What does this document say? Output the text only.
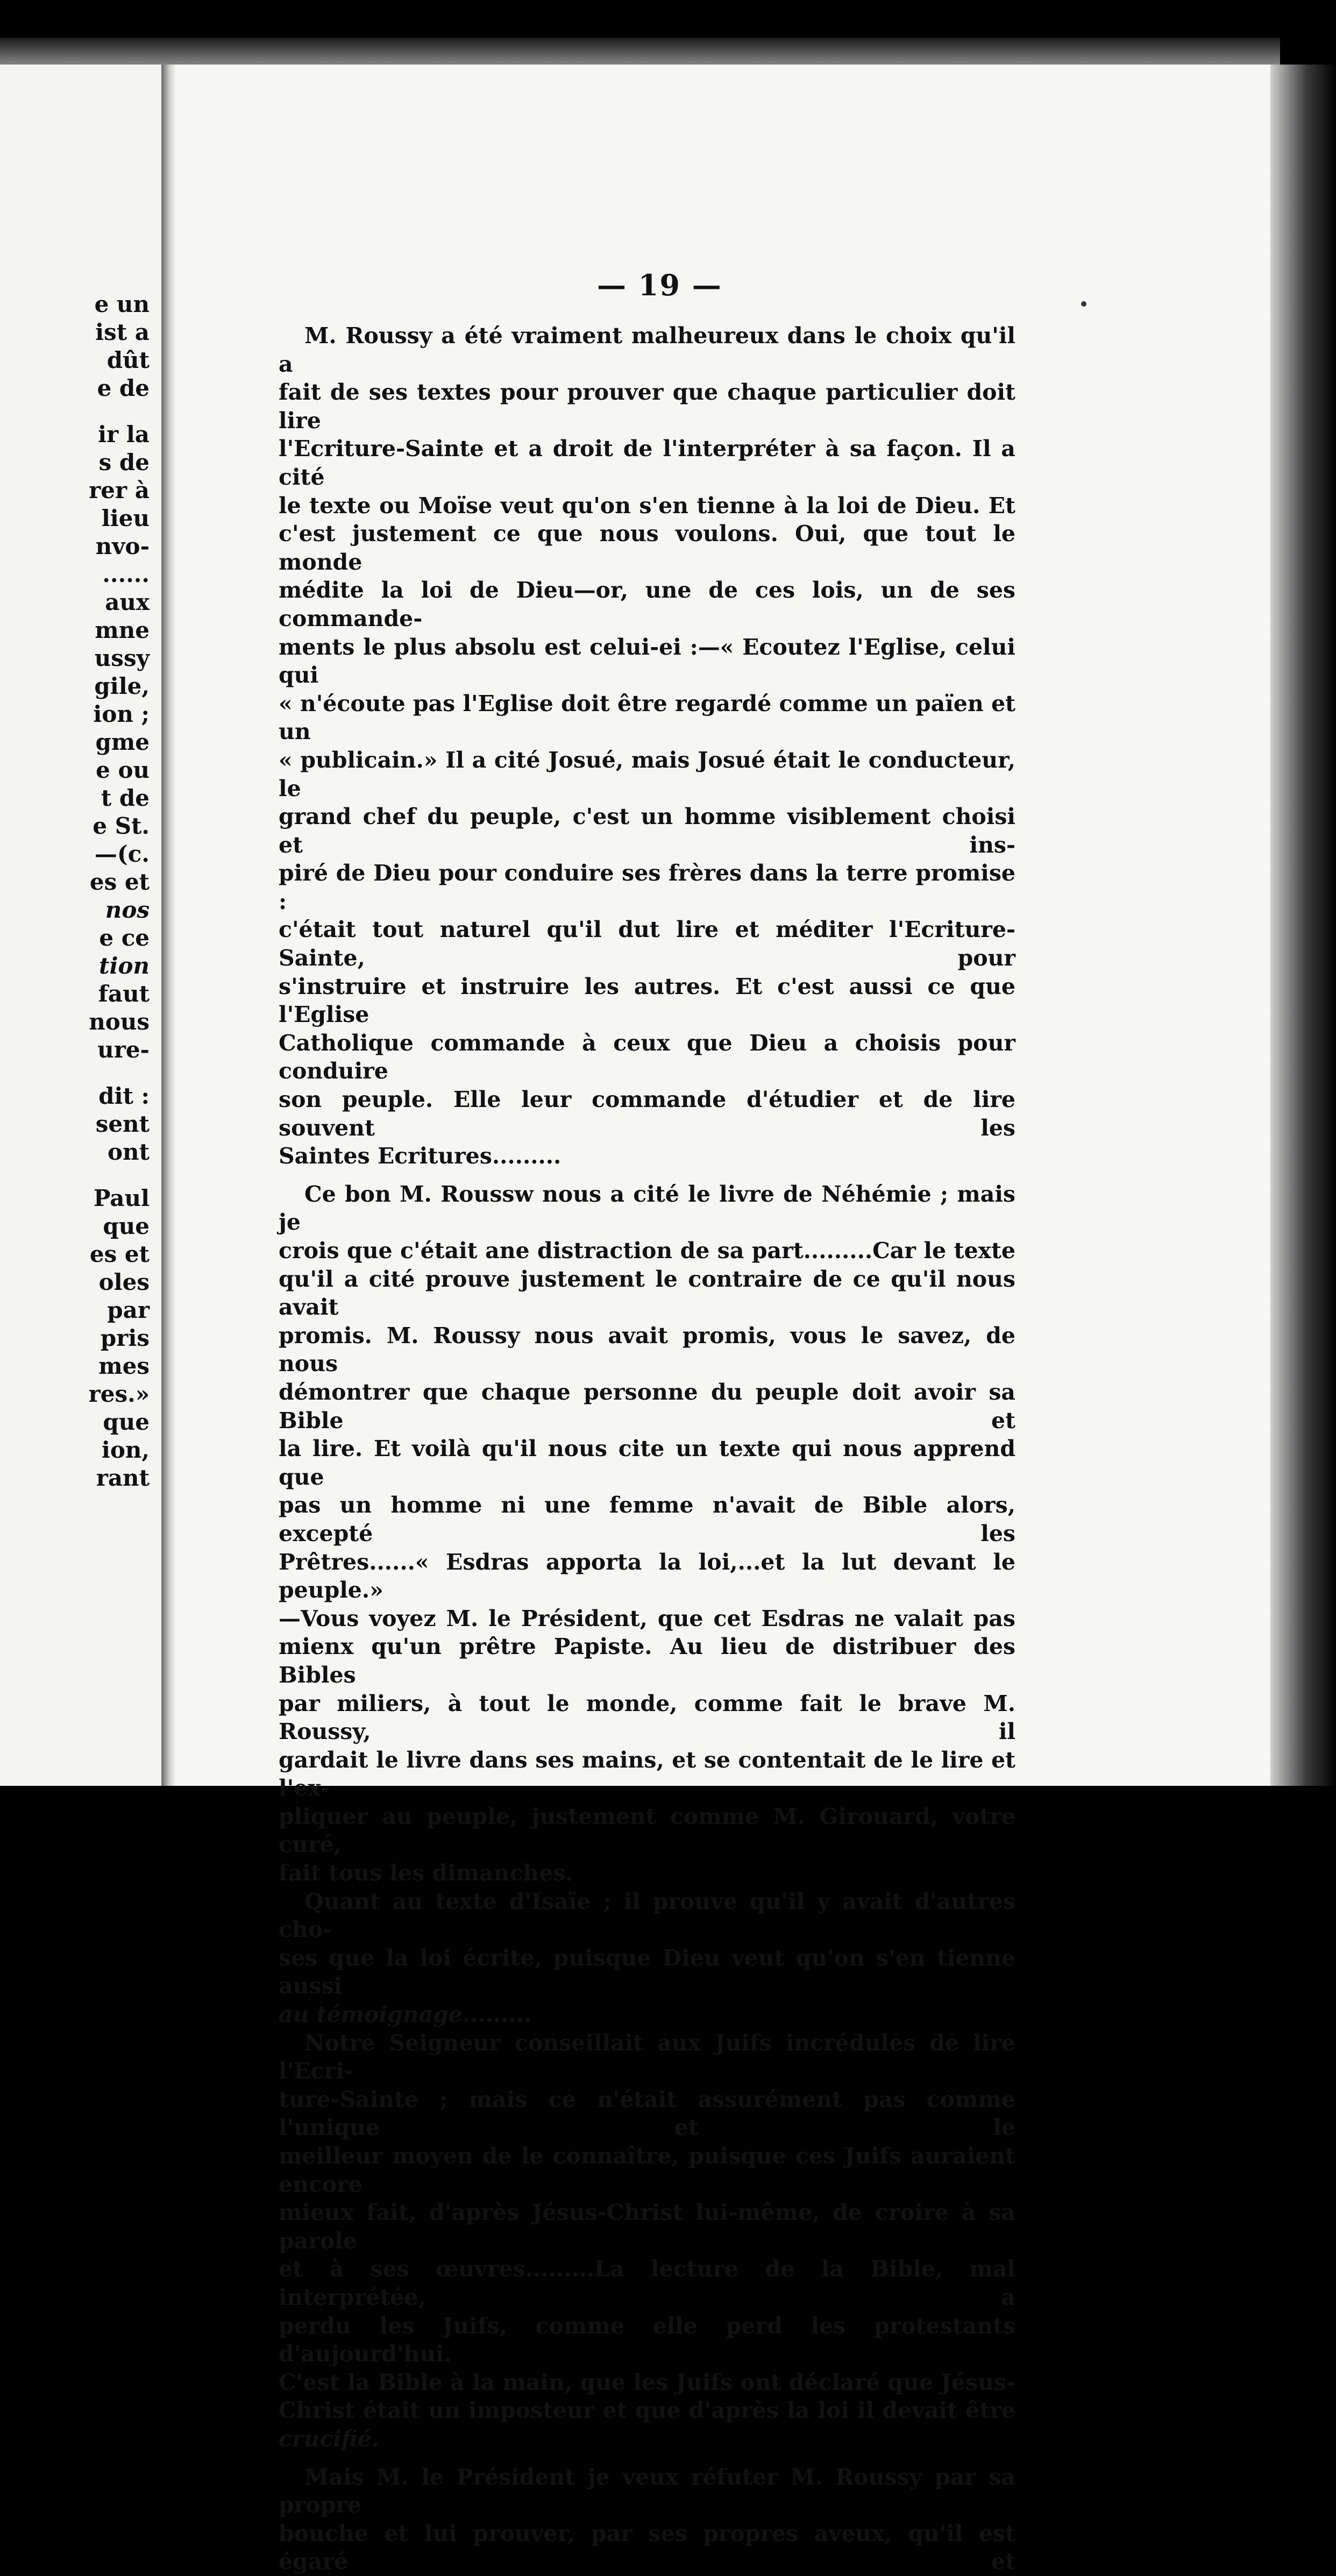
e un
ist a
dût
e de
ir la
s de
rer à
lieu
nvo-
......
aux
mne
ussy
gile,
ion ;
gme
e ou
t de
e St.
—(c.
es et
nos
e ce
tion
faut
nous
ure-
dit :
sent
ont
Paul
que
es et
oles
par
pris
mes
res.»
que
ion,
rant
— 19 —

M. Roussy a été vraiment malheureux dans le choix qu'il a

fait de ses textes pour prouver que chaque particulier doit lire

l'Ecriture-Sainte et a droit de l'interpréter à sa façon. Il a cité

le texte ou Moïse veut qu'on s'en tienne à la loi de Dieu. Et

c'est justement ce que nous voulons. Oui, que tout le monde

médite la loi de Dieu—or, une de ces lois, un de ses commande-

ments le plus absolu est celui-ei :—« Ecoutez l'Eglise, celui qui

« n'écoute pas l'Eglise doit être regardé comme un païen et un

« publicain.» Il a cité Josué, mais Josué était le conducteur, le

grand chef du peuple, c'est un homme visiblement choisi et ins-

piré de Dieu pour conduire ses frères dans la terre promise :

c'était tout naturel qu'il dut lire et méditer l'Ecriture-Sainte, pour

s'instruire et instruire les autres. Et c'est aussi ce que l'Eglise

Catholique commande à ceux que Dieu a choisis pour conduire

son peuple. Elle leur commande d'étudier et de lire souvent les

Saintes Ecritures.........

Ce bon M. Roussw nous a cité le livre de Néhémie ; mais je

crois que c'était ane distraction de sa part.........Car le texte

qu'il a cité prouve justement le contraire de ce qu'il nous avait

promis. M. Roussy nous avait promis, vous le savez, de nous

démontrer que chaque personne du peuple doit avoir sa Bible et

la lire. Et voilà qu'il nous cite un texte qui nous apprend que

pas un homme ni une femme n'avait de Bible alors, excepté les

Prêtres......« Esdras apporta la loi,...et la lut devant le peuple.»

—Vous voyez M. le Président, que cet Esdras ne valait pas

mienx qu'un prêtre Papiste. Au lieu de distribuer des Bibles

par miliers, à tout le monde, comme fait le brave M. Roussy, il

gardait le livre dans ses mains, et se contentait de le lire et l'ex-

pliquer au peuple, justement comme M. Girouard, votre curé,

fait tous les dimanches.

Quant au texte d'Isaïe ; il prouve qu'il y avait d'autres cho-

ses que la loi écrite, puisque Dieu veut qu'on s'en tienne aussi

au témoignage.........

Notre Seigneur conseillait aux Juifs incrédules de lire l'Ecri-

ture-Sainte ; mais ce n'était assurément pas comme l'unique et le

meilleur moyen de le connaître, puisque ces Juifs auraient encore

mieux fait, d'après Jésus-Christ lui-même, de croire à sa parole

et à ses œuvres.........La lecture de la Bible, mal interprétée, a

perdu les Juifs, comme elle perd les protestants d'aujourd'hui.

C'est la Bible à la main, que les Juifs ont déclaré que Jésus-

Christ était un imposteur et que d'après la loi il devait être

crucifié.

Mais M. le Président je veux réfuter M. Roussy par sa propre

bouche et lui prouver, par ses propres aveux, qu'il est égaré et
